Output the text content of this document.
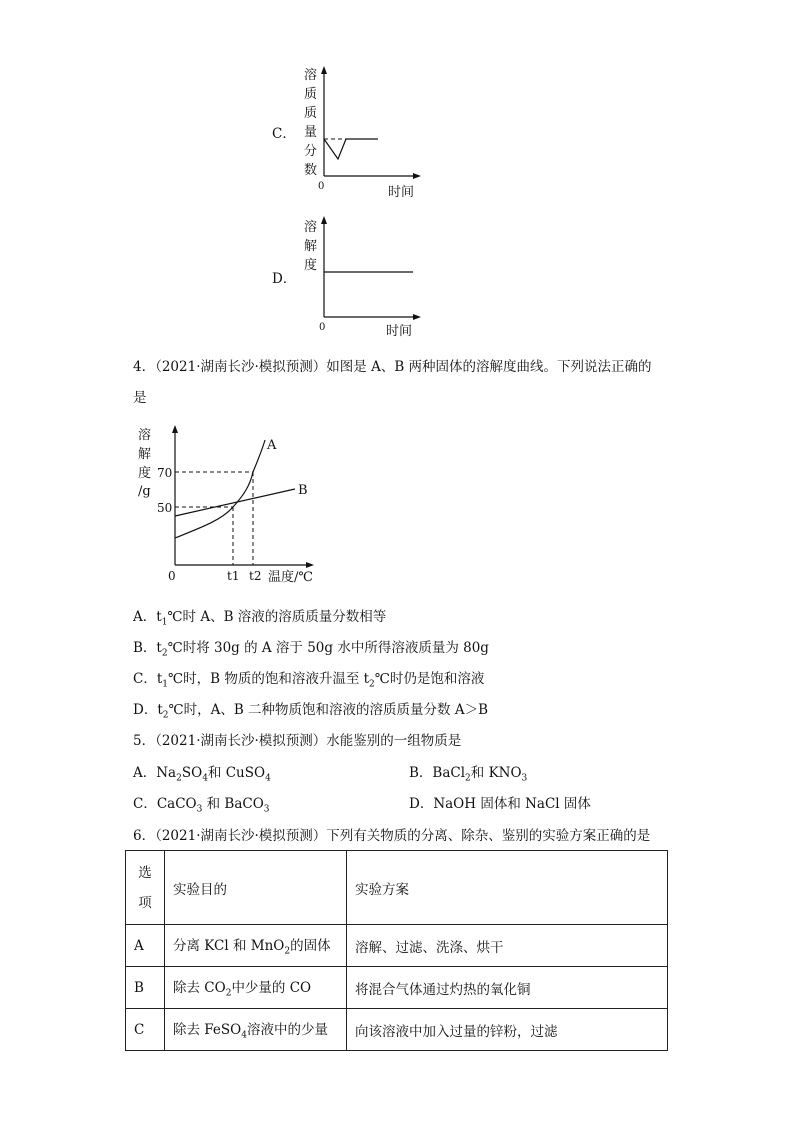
C．
溶
质
质
量
分
数
0	时间
D．
溶
解
度
0	时间
4．（2021·湖南长沙·模拟预测）如图是 A、B 两种固体的溶解度曲线。下列说法正确的
是
溶
解
度
/g
A
B
70
50
0	t1 t2 温度/℃
A．$t_1℃$时 A、B 溶液的溶质质量分数相等
B．$t_2℃$时将 30g 的 A 溶于 50g 水中所得溶液质量为 80g
C．$t_1℃$时，B 物质的饱和溶液升温至 $t_2℃$时仍是饱和溶液
D．$t_2℃$时，A、B 二种物质饱和溶液的溶质质量分数 A＞B
5．（2021·湖南长沙·模拟预测）水能鉴别的一组物质是
A．$Na_2SO_4$和 CuSO$_4$	B．BaCl$_2$和 $KNO_3$
C．CaCO$_3$ 和 BaCO$_3$	D．NaOH 固体和 NaCl 固体
6．（2021·湖南长沙·模拟预测）下列有关物质的分离、除杂、鉴别的实验方案正确的是
选
项	实验目的	实验方案
A	分离 KCl 和 MnO$_2$的固体	溶解、过滤、洗涤、烘干
B	除去 $CO_2$中少量的 CO	将混合气体通过灼热的氧化铜
C	除去 FeSO$_4$溶液中的少量	向该溶液中加入过量的锌粉，过滤
